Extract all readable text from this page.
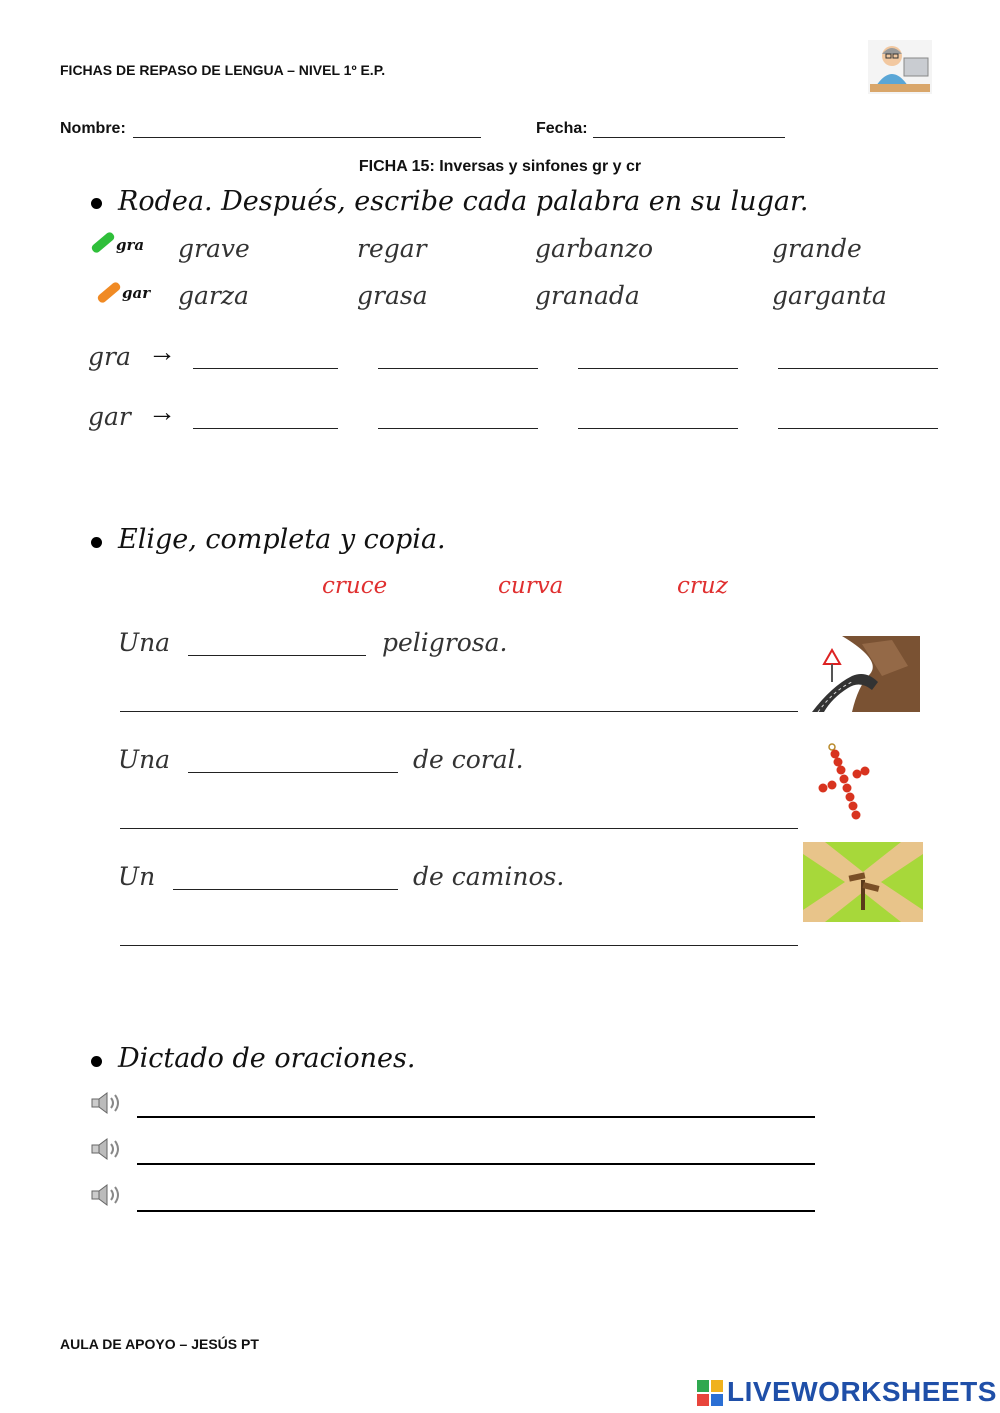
FICHAS DE REPASO DE LENGUA – NIVEL 1º E.P.
Nombre:	Fecha:
FICHA 15: Inversas y sinfones gr y cr
Rodea. Después, escribe cada palabra en su lugar.
gra
gar
grave	regar	garbanzo	grande
garza	grasa	granada	garganta
gra →
gar →
Elige, completa y copia.
cruce	curva	cruz
Una	peligrosa.
Una	de coral.
Un	de caminos.
Dictado de oraciones.
AULA DE APOYO – JESÚS PT
LIVEWORKSHEETS
